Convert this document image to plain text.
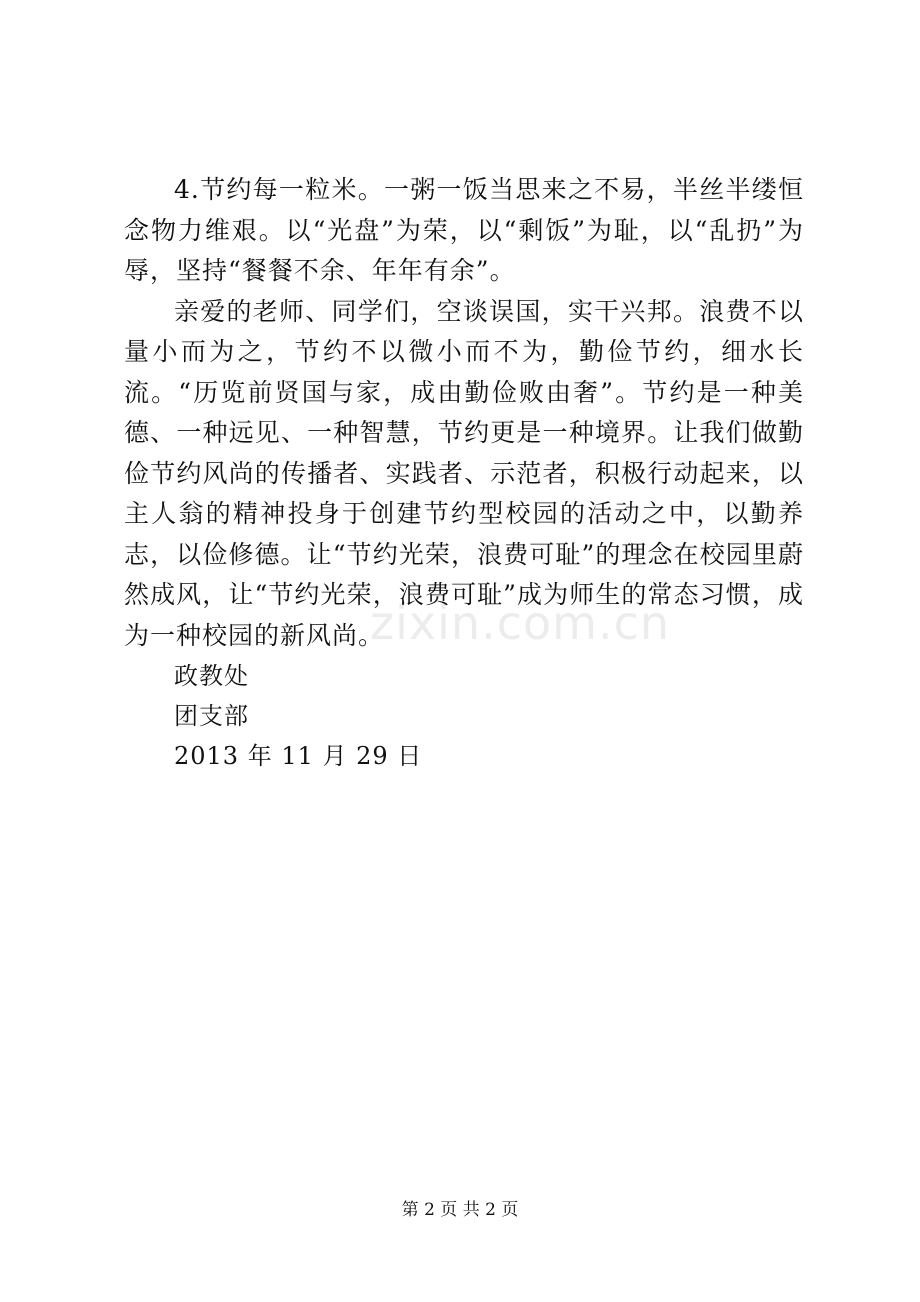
4.节约每一粒米。一粥一饭当思来之不易，半丝半缕恒念物力维艰。以“光盘”为荣，以“剩饭”为耻，以“乱扔”为辱，坚持“餐餐不余、年年有余”。

亲爱的老师、同学们，空谈误国，实干兴邦。浪费不以量小而为之，节约不以微小而不为，勤俭节约，细水长流。“历览前贤国与家，成由勤俭败由奢”。节约是一种美德、一种远见、一种智慧，节约更是一种境界。让我们做勤俭节约风尚的传播者、实践者、示范者，积极行动起来，以主人翁的精神投身于创建节约型校园的活动之中，以勤养志，以俭修德。让“节约光荣，浪费可耻”的理念在校园里蔚然成风，让“节约光荣，浪费可耻”成为师生的常态习惯，成为一种校园的新风尚。

政教处

团支部

2013 年 11 月 29 日

zixin.com.cn
第 2 页 共 2 页
